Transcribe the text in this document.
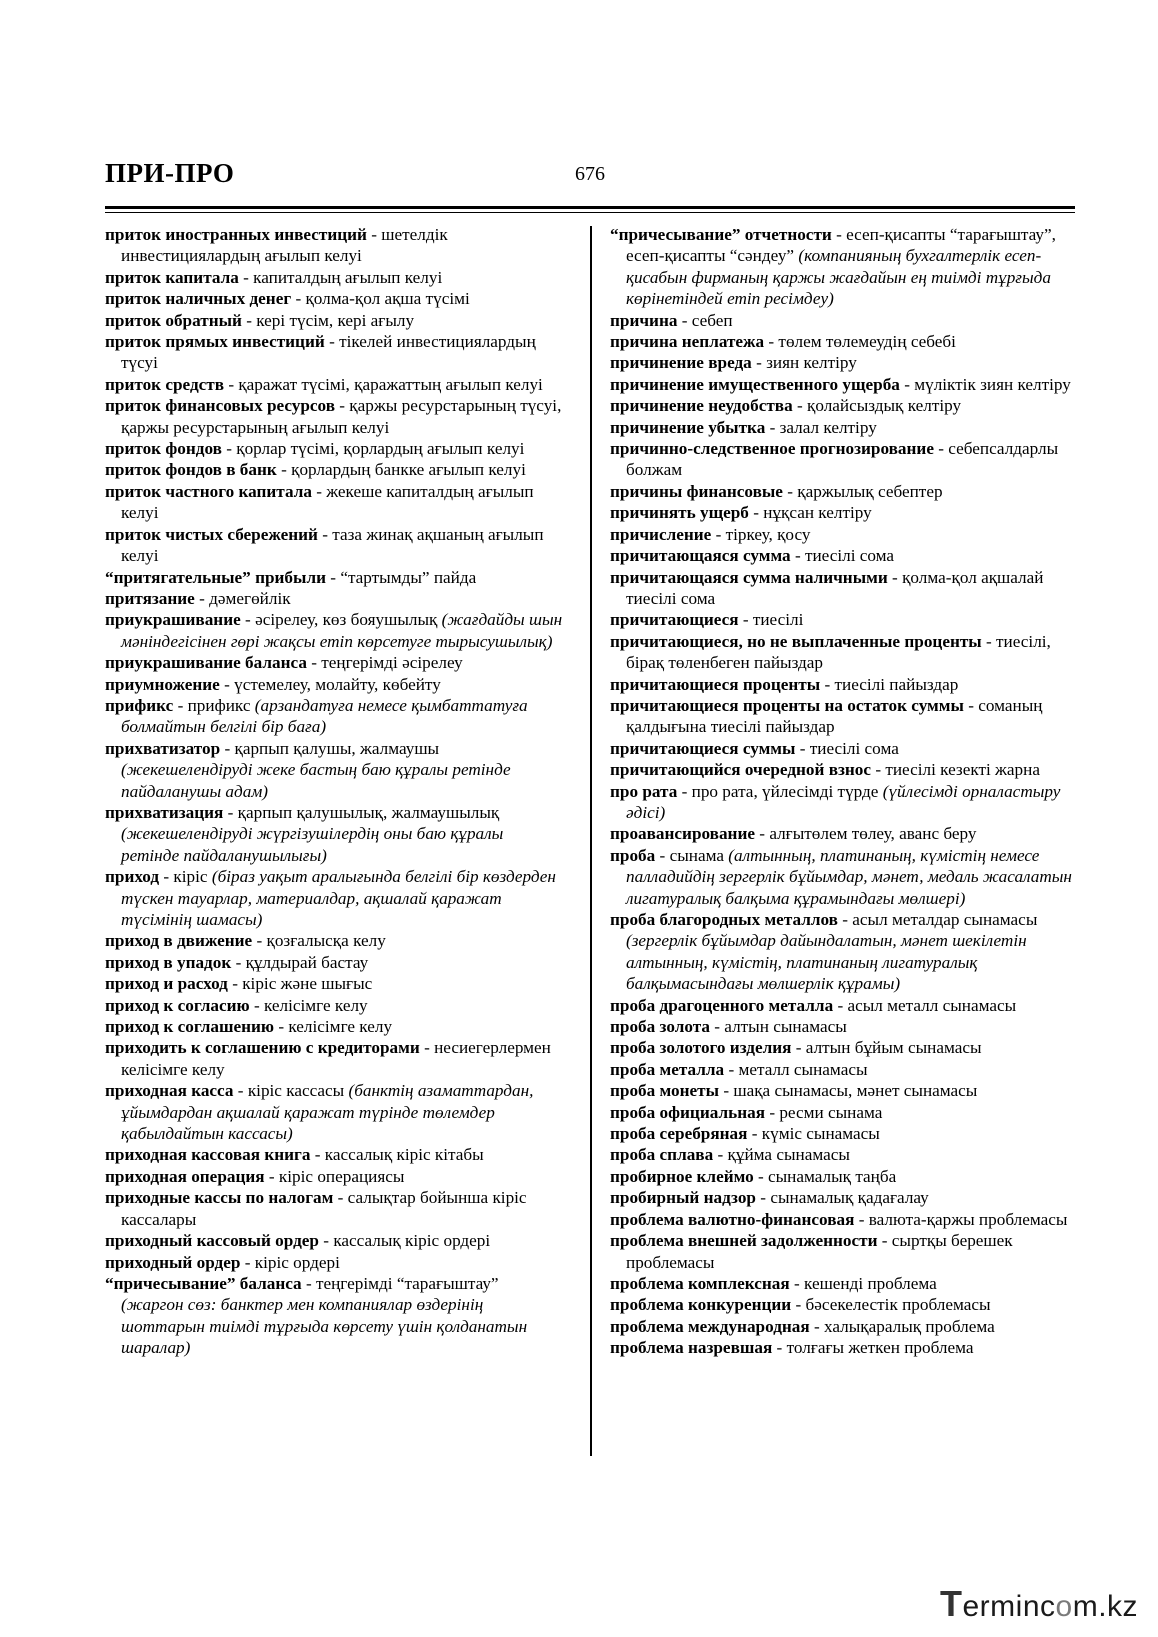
ПРИ-ПРО	676

приток иностранных инвестиций - шетелдік инвестициялардың ағылып келуі

приток капитала - капиталдың ағылып келуі

приток наличных денег - қолма-қол ақша түсімі

приток обратный - кері түсім, кері ағылу

приток прямых инвестиций - тікелей инвестициялардың түсуі

приток средств - қаражат түсімі, қаражаттың ағылып келуі

приток финансовых ресурсов - қаржы ресурстарының түсуі, қаржы ресурстарының ағылып келуі

приток фондов - қорлар түсімі, қорлардың ағылып келуі

приток фондов в банк - қорлардың банкке ағылып келуі

приток частного капитала - жекеше капиталдың ағылып келуі

приток чистых сбережений - таза жинақ ақшаның ағылып келуі

“притягательные” прибыли - “тартымды” пайда

притязание - дәмегөйлік

приукрашивание - әсірелеу, көз бояушылық (жағдайды шын мәніндегісінен гөрі жақсы етіп көрсетуге тырысушылық)

приукрашивание баланса - теңгерімді әсірелеу

приумножение - үстемелеу, молайту, көбейту

прификс - прификс (арзандатуға немесе қымбаттатуға болмайтын белгілі бір баға)

прихватизатор - қарпып қалушы, жалмаушы (жекешелендіруді жеке бастың баю құралы ретінде пайдаланушы адам)

прихватизация - қарпып қалушылық, жалмаушылық (жекешелендіруді жүргізушілердің оны баю құралы ретінде пайдаланушылығы)

приход - кіріс (біраз уақыт аралығында белгілі бір көздерден түскен тауарлар, материалдар, ақшалай қаражат түсімінің шамасы)

приход в движение - қозғалысқа келу

приход в упадок - құлдырай бастау

приход и расход - кіріс және шығыс

приход к согласию - келісімге келу

приход к соглашению - келісімге келу

приходить к соглашению с кредиторами - несиегерлермен келісімге келу

приходная касса - кіріс кассасы (банктің азаматтардан, ұйымдардан ақшалай қаражат түрінде төлемдер қабылдайтын кассасы)

приходная кассовая книга - кассалық кіріс кітабы

приходная операция - кіріс операциясы

приходные кассы по налогам - салықтар бойынша кіріс кассалары

приходный кассовый ордер - кассалық кіріс ордері

приходный ордер - кіріс ордері

“причесывание” баланса - теңгерімді “тарағыштау” (жаргон сөз: банктер мен компаниялар өздерінің шоттарын тиімді тұрғыда көрсету үшін қолданатын шаралар)

“причесывание” отчетности - есеп-қисапты “тарағыштау”, есеп-қисапты “сәндеу” (компанияның бухгалтерлік есеп-қисабын фирманың қаржы жағдайын ең тиімді тұрғыда көрінетіндей етіп ресімдеу)

причина - себеп

причина неплатежа - төлем төлемеудің себебі

причинение вреда - зиян келтіру

причинение имущественного ущерба - мүліктік зиян келтіру

причинение неудобства - қолайсыздық келтіру

причинение убытка - залал келтіру

причинно-следственное прогнозирование - себепсалдарлы болжам

причины финансовые - қаржылық себептер

причинять ущерб - нұқсан келтіру

причисление - тіркеу, қосу

причитающаяся сумма - тиесілі сома

причитающаяся сумма наличными - қолма-қол ақшалай тиесілі сома

причитающиеся - тиесілі

причитающиеся, но не выплаченные проценты - тиесілі, бірақ төленбеген пайыздар

причитающиеся проценты - тиесілі пайыздар

причитающиеся проценты на остаток суммы - соманың қалдығына тиесілі пайыздар

причитающиеся суммы - тиесілі сома

причитающийся очередной взнос - тиесілі кезекті жарна

про рата - про рата, үйлесімді түрде (үйлесімді орналастыру әдісі)

проавансирование - алғытөлем төлеу, аванс беру

проба - сынама (алтынның, платинаның, күмістің немесе палладийдің зергерлік бұйымдар, мәнет, медаль жасалатын лигатуралық балқыма құрамындағы мөлшері)

проба благородных металлов - асыл металдар сынамасы (зергерлік бұйымдар дайындалатын, мәнет шекілетін алтынның, күмістің, платинаның лигатуралық балқымасындағы мөлшерлік құрамы)

проба драгоценного металла - асыл металл сынамасы

проба золота - алтын сынамасы

проба золотого изделия - алтын бұйым сынамасы

проба металла - металл сынамасы

проба монеты - шақа сынамасы, мәнет сынамасы

проба официальная - ресми сынама

проба серебряная - күміс сынамасы

проба сплава - құйма сынамасы

пробирное клеймо - сынамалық таңба

пробирный надзор - сынамалық қадағалау

проблема валютно-финансовая - валюта-қаржы проблемасы

проблема внешней задолженности - сыртқы берешек проблемасы

проблема комплексная - кешенді проблема

проблема конкуренции - бәсекелестік проблемасы

проблема международная - халықаралық проблема

проблема назревшая - толғағы жеткен проблема

Termincom.kz
